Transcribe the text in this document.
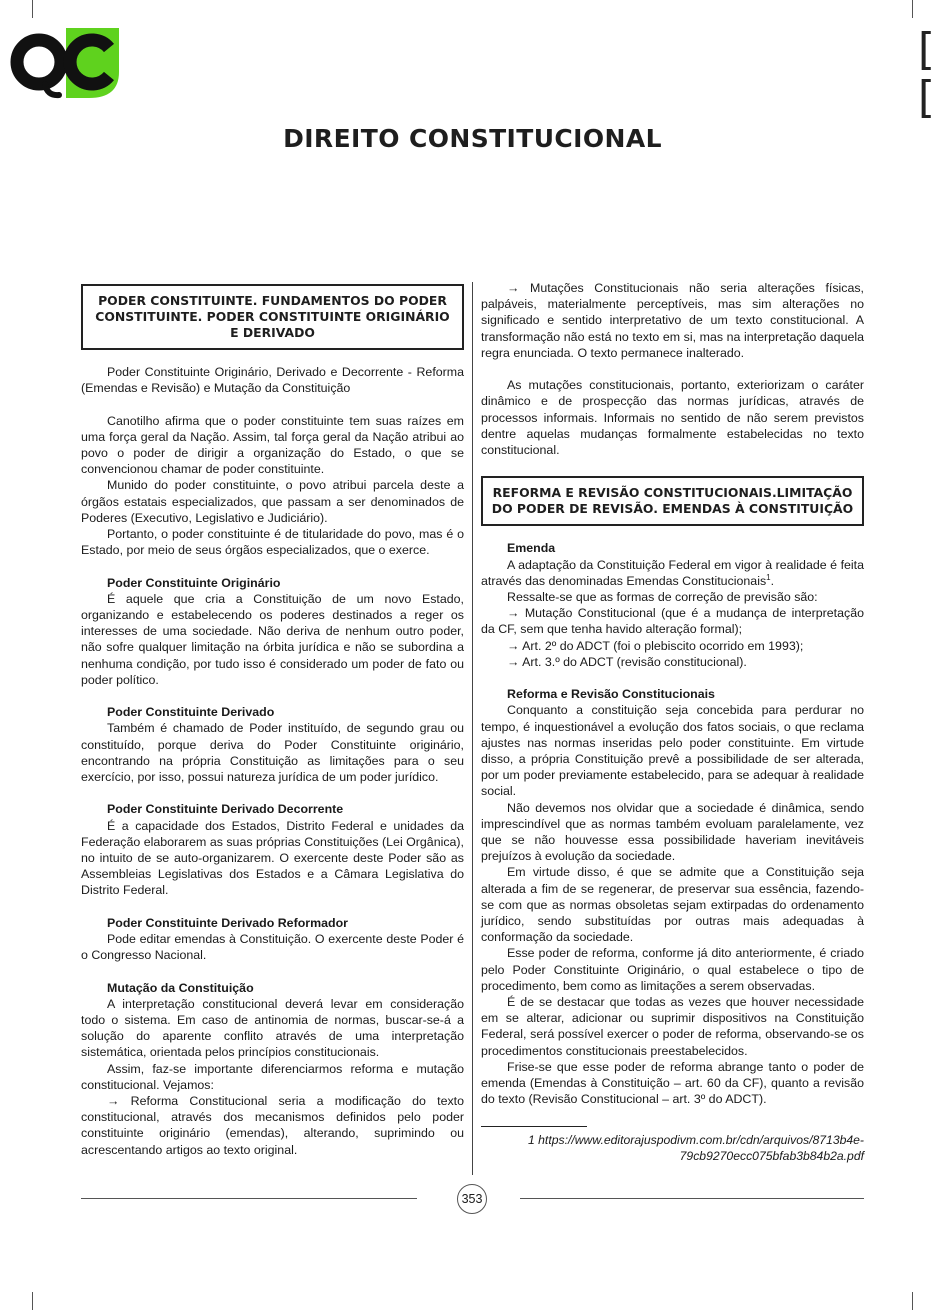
[
[
DIREITO CONSTITUCIONAL
PODER CONSTITUINTE. FUNDAMENTOS DO PODER CONSTITUINTE. PODER CONSTITUINTE ORIGINÁRIO E DERIVADO

Poder Constituinte Originário, Derivado e Decorrente - Reforma (Emendas e Revisão) e Mutação da Constituição

Canotilho afirma que o poder constituinte tem suas raízes em uma força geral da Nação. Assim, tal força geral da Nação atribui ao povo o poder de dirigir a organização do Estado, o que se convencionou chamar de poder constituinte.

Munido do poder constituinte, o povo atribui parcela deste a órgãos estatais especializados, que passam a ser denominados de Poderes (Executivo, Legislativo e Judiciário).

Portanto, o poder constituinte é de titularidade do povo, mas é o Estado, por meio de seus órgãos especializados, que o exerce.

Poder Constituinte Originário

É aquele que cria a Constituição de um novo Estado, organizando e estabelecendo os poderes destinados a reger os interesses de uma sociedade. Não deriva de nenhum outro poder, não sofre qualquer limitação na órbita jurídica e não se subordina a nenhuma condição, por tudo isso é considerado um poder de fato ou poder político.

Poder Constituinte Derivado

Também é chamado de Poder instituído, de segundo grau ou constituído, porque deriva do Poder Constituinte originário, encontrando na própria Constituição as limitações para o seu exercício, por isso, possui natureza jurídica de um poder jurídico.

Poder Constituinte Derivado Decorrente

É a capacidade dos Estados, Distrito Federal e unidades da Federação elaborarem as suas próprias Constituições (Lei Orgânica), no intuito de se auto-organizarem. O exercente deste Poder são as Assembleias Legislativas dos Estados e a Câmara Legislativa do Distrito Federal.

Poder Constituinte Derivado Reformador

Pode editar emendas à Constituição. O exercente deste Poder é o Congresso Nacional.

Mutação da Constituição

A interpretação constitucional deverá levar em consideração todo o sistema. Em caso de antinomia de normas, buscar-se-á a solução do aparente conflito através de uma interpretação sistemática, orientada pelos princípios constitucionais.

Assim, faz-se importante diferenciarmos reforma e mutação constitucional. Vejamos:

→ Reforma Constitucional seria a modificação do texto constitucional, através dos mecanismos definidos pelo poder constituinte originário (emendas), alterando, suprimindo ou acrescentando artigos ao texto original.

→ Mutações Constitucionais não seria alterações físicas, palpáveis, materialmente perceptíveis, mas sim alterações no significado e sentido interpretativo de um texto constitucional. A transformação não está no texto em si, mas na interpretação daquela regra enunciada. O texto permanece inalterado.

As mutações constitucionais, portanto, exteriorizam o caráter dinâmico e de prospecção das normas jurídicas, através de processos informais. Informais no sentido de não serem previstos dentre aquelas mudanças formalmente estabelecidas no texto constitucional.

REFORMA E REVISÃO CONSTITUCIONAIS.LIMITAÇÃO DO PODER DE REVISÃO. EMENDAS À CONSTITUIÇÃO
Emenda

A adaptação da Constituição Federal em vigor à realidade é feita através das denominadas Emendas Constitucionais$^1$.

Ressalte-se que as formas de correção de previsão são:

→ Mutação Constitucional (que é a mudança de interpretação da CF, sem que tenha havido alteração formal);

→ Art. 2º do ADCT (foi o plebiscito ocorrido em 1993);

→ Art. 3.º do ADCT (revisão constitucional).

Reforma e Revisão Constitucionais

Conquanto a constituição seja concebida para perdurar no tempo, é inquestionável a evolução dos fatos sociais, o que reclama ajustes nas normas inseridas pelo poder constituinte. Em virtude disso, a própria Constituição prevê a possibilidade de ser alterada, por um poder previamente estabelecido, para se adequar à realidade social.

Não devemos nos olvidar que a sociedade é dinâmica, sendo imprescindível que as normas também evoluam paralelamente, vez que se não houvesse essa possibilidade haveriam inevitáveis prejuízos à evolução da sociedade.

Em virtude disso, é que se admite que a Constituição seja alterada a fim de se regenerar, de preservar sua essência, fazendo-se com que as normas obsoletas sejam extirpadas do ordenamento jurídico, sendo substituídas por outras mais adequadas à conformação da sociedade.

Esse poder de reforma, conforme já dito anteriormente, é criado pelo Poder Constituinte Originário, o qual estabelece o tipo de procedimento, bem como as limitações a serem observadas.

É de se destacar que todas as vezes que houver necessidade em se alterar, adicionar ou suprimir dispositivos na Constituição Federal, será possível exercer o poder de reforma, observando-se os procedimentos constitucionais preestabelecidos.

Frise-se que esse poder de reforma abrange tanto o poder de emenda (Emendas à Constituição – art. 60 da CF), quanto a revisão do texto (Revisão Constitucional – art. 3º do ADCT).

1 https://www.editorajuspodivm.com.br/cdn/arquivos/8713b4e-
79cb9270ecc075bfab3b84b2a.pdf
353
